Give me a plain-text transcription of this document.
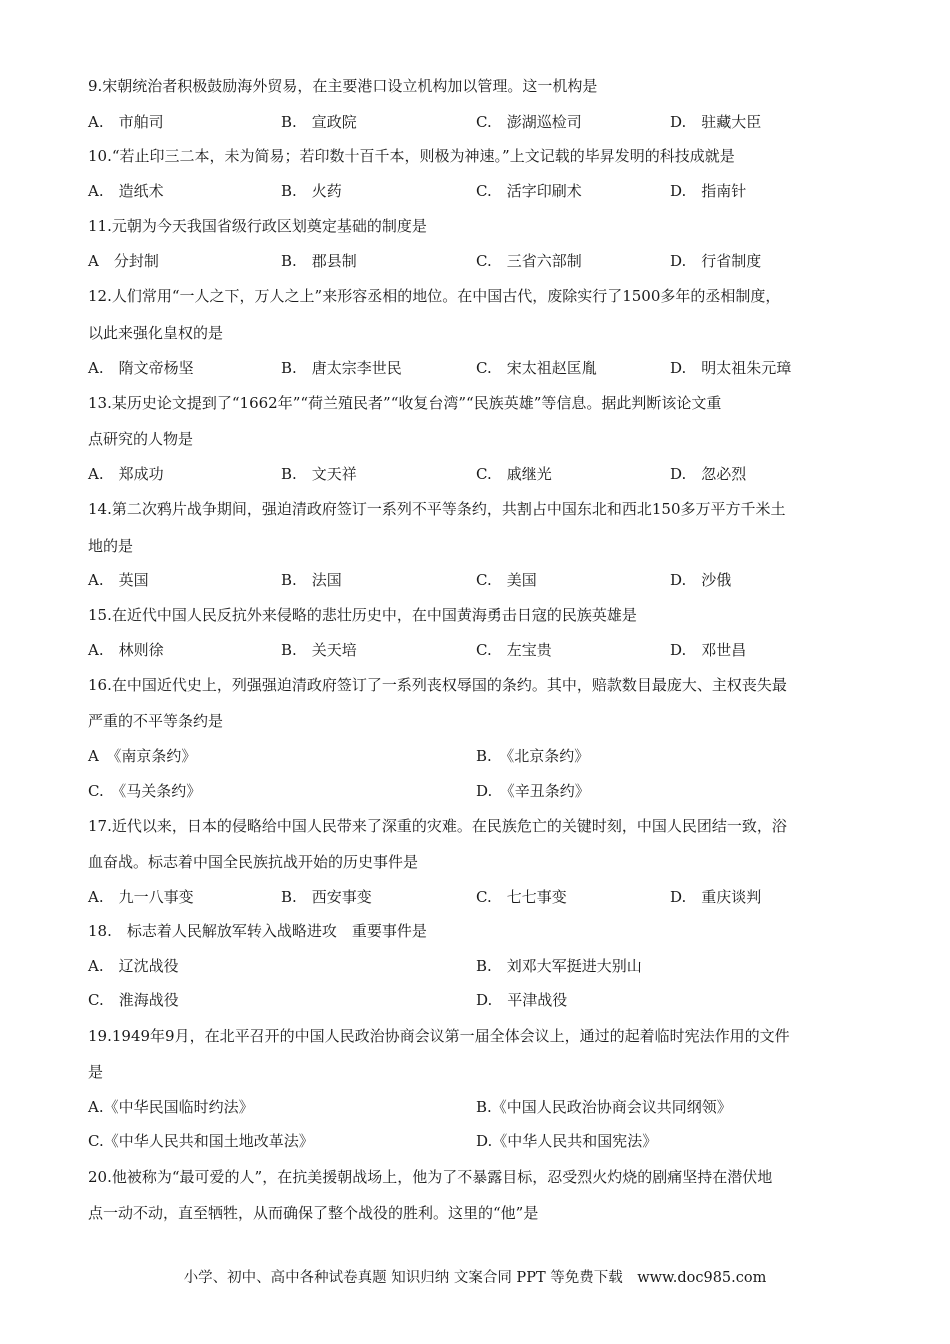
9.宋朝统治者积极鼓励海外贸易，在主要港口设立机构加以管理。这一机构是
A.　市舶司	B.　宣政院	C.　澎湖巡检司	D.　驻藏大臣
10.“若止印三二本，未为简易；若印数十百千本，则极为神速。”上文记载的毕昇发明的科技成就是
A.　造纸术	B.　火药	C.　活字印刷术	D.　指南针
11.元朝为今天我国省级行政区划奠定基础的制度是
A　分封制	B.　郡县制	C.　三省六部制	D.　行省制度
12.人们常用“一人之下，万人之上”来形容丞相的地位。在中国古代，废除实行了1500多年的丞相制度，
以此来强化皇权的是
A.　隋文帝杨坚	B.　唐太宗李世民	C.　宋太祖赵匡胤	D.　明太祖朱元璋
13.某历史论文提到了“1662年”“荷兰殖民者”“收复台湾”“民族英雄”等信息。据此判断该论文重
点研究的人物是
A.　郑成功	B.　文天祥	C.　戚继光	D.　忽必烈
14.第二次鸦片战争期间，强迫清政府签订一系列不平等条约，共割占中国东北和西北150多万平方千米土
地的是
A.　英国	B.　法国	C.　美国	D.　沙俄
15.在近代中国人民反抗外来侵略的悲壮历史中，在中国黄海勇击日寇的民族英雄是
A.　林则徐	B.　关天培	C.　左宝贵	D.　邓世昌
16.在中国近代史上，列强强迫清政府签订了一系列丧权辱国的条约。其中，赔款数目最庞大、主权丧失最
严重的不平等条约是
A　《南京条约》	B.　《北京条约》
C.　《马关条约》	D.　《辛丑条约》
17.近代以来，日本的侵略给中国人民带来了深重的灾难。在民族危亡的关键时刻，中国人民团结一致，浴
血奋战。标志着中国全民族抗战开始的历史事件是
A.　九一八事变	B.　西安事变	C.　七七事变	D.　重庆谈判
18.　标志着人民解放军转入战略进攻　重要事件是
A.　辽沈战役	B.　刘邓大军挺进大别山
C.　淮海战役	D.　平津战役
19.1949年9月，在北平召开的中国人民政治协商会议第一届全体会议上，通过的起着临时宪法作用的文件
是
A.《中华民国临时约法》	B.《中国人民政治协商会议共同纲领》
C.《中华人民共和国土地改革法》	D.《中华人民共和国宪法》
20.他被称为“最可爱的人”，在抗美援朝战场上，他为了不暴露目标，忍受烈火灼烧的剧痛坚持在潜伏地
点一动不动，直至牺牲，从而确保了整个战役的胜利。这里的“他”是
小学、初中、高中各种试卷真题 知识归纳 文案合同 PPT 等免费下载　www.doc985.com
